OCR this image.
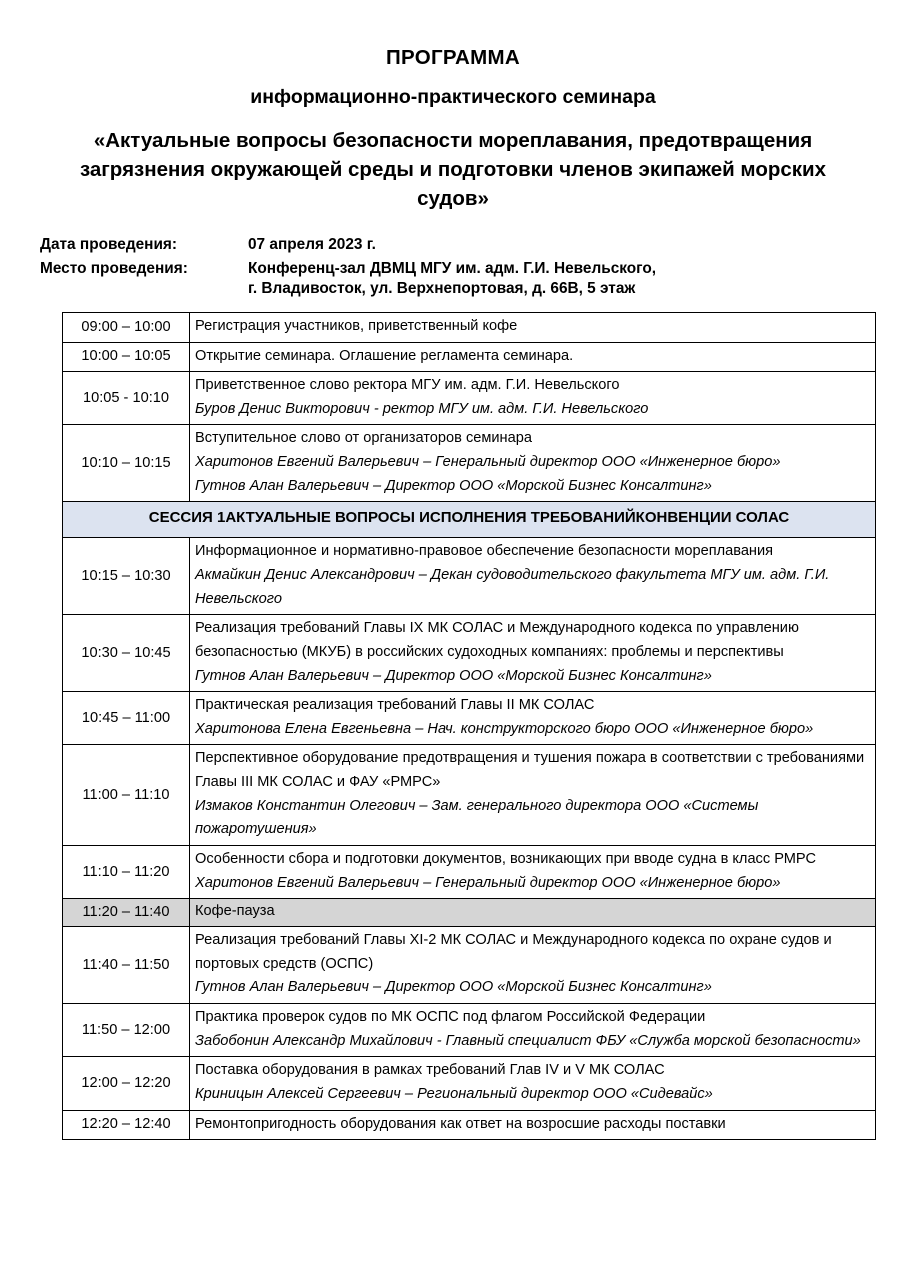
ПРОГРАММА
информационно-практического семинара
«Актуальные вопросы безопасности мореплавания, предотвращения загрязнения окружающей среды и подготовки членов экипажей морских судов»
Дата проведения:	07 апреля 2023 г.
Место проведения:	Конференц-зал ДВМЦ МГУ им. адм. Г.И. Невельского,
г. Владивосток, ул. Верхнепортовая, д. 66В, 5 этаж
09:00 – 10:00	Регистрация участников, приветственный кофе

10:00 – 10:05	Открытие семинара. Оглашение регламента семинара.

10:05 - 10:10	Приветственное слово ректора МГУ им. адм. Г.И. Невельского
Буров Денис Викторович - ректор МГУ им. адм. Г.И. Невельского

10:10 – 10:15	Вступительное слово от организаторов семинара
Харитонов Евгений Валерьевич – Генеральный директор ООО «Инженерное бюро»
Гутнов Алан Валерьевич – Директор ООО «Морской Бизнес Консалтинг»

СЕССИЯ 1АКТУАЛЬНЫЕ ВОПРОСЫ ИСПОЛНЕНИЯ ТРЕБОВАНИЙКОНВЕНЦИИ СОЛАС	
10:15 – 10:30	Информационное и нормативно-правовое обеспечение безопасности мореплавания
Акмайкин Денис Александрович – Декан судоводительского факультета МГУ им. адм. Г.И. Невельского

10:30 – 10:45	Реализация требований Главы IX МК СОЛАС и Международного кодекса по управлению безопасностью (МКУБ) в российских судоходных компаниях: проблемы и перспективы
Гутнов Алан Валерьевич – Директор ООО «Морской Бизнес Консалтинг»

10:45 – 11:00	Практическая реализация требований Главы II МК СОЛАС
Харитонова Елена Евгеньевна – Нач. конструкторского бюро ООО «Инженерное бюро»

11:00 – 11:10	Перспективное оборудование предотвращения и тушения пожара в соответствии с требованиями Главы III МК СОЛАС и ФАУ «РМРС»
Измаков Константин Олегович – Зам. генерального директора ООО «Системы пожаротушения»

11:10 – 11:20	Особенности сбора и подготовки документов, возникающих при вводе судна в класс РМРС
Харитонов Евгений Валерьевич – Генеральный директор ООО «Инженерное бюро»

11:20 – 11:40	Кофе-пауза

11:40 – 11:50	Реализация требований Главы XI-2 МК СОЛАС и Международного кодекса по охране судов и портовых средств (ОСПС)
Гутнов Алан Валерьевич – Директор ООО «Морской Бизнес Консалтинг»

11:50 – 12:00	Практика проверок судов по МК ОСПС под флагом Российской Федерации
Забобонин Александр Михайлович - Главный специалист ФБУ «Служба морской безопасности»

12:00 – 12:20	Поставка оборудования в рамках требований Глав IV и V МК СОЛАС
Криницын Алексей Сергеевич – Региональный директор ООО «Сидевайс»

12:20 – 12:40	Ремонтопригодность оборудования как ответ на возросшие расходы поставки
